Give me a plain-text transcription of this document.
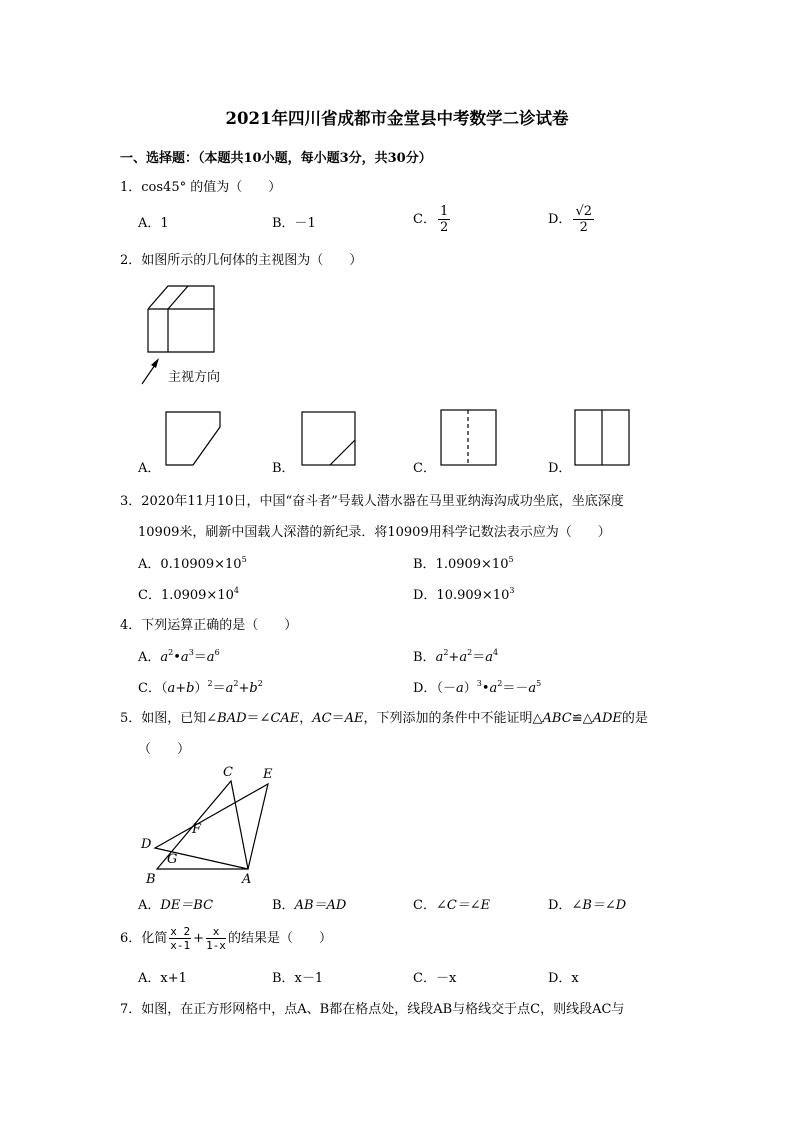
2021年四川省成都市金堂县中考数学二诊试卷
一、选择题：（本题共10小题，每小题3分，共30分）
1．cos45° 的值为（　　）
A．1	B．－1	C． $\frac{1}{2}$	D． $\frac{√2}{2}$
2．如图所示的几何体的主视图为（　　）
主视方向
A．	B．	C．	D．
3．2020年11月10日，中国“奋斗者”号载人潜水器在马里亚纳海沟成功坐底，坐底深度
10909米，刷新中国载人深潜的新纪录．将10909用科学记数法表示应为（　　）
A．$0.10909\times 10^5$	B．$1.0909\times 10^5$
C．$1.0909\times 10^4$	D．$10.909\times 10^3$
4．下列运算正确的是（　　）
A．$a^2•a^3=a^6$	B．$a^2+a^2=a^4$
C．$(a+b)^2=a^2+b^2$	D．$(-a)^3•a^2=-a^5$
5．如图，已知∠BAD＝∠CAE，AC＝AE，下列添加的条件中不能证明△ABC≌△ADE的是
（　　）
C E
F
D
G
B	A
A．DE＝BC	B．AB＝AD	C．∠C＝∠E	D．∠B＝∠D
6．化简 $\frac{x 2}{x-1} + \frac{x}{1-x}$ 的结果是（　　）
A．x+1	B．x－1	C．－x	D．x
7．如图，在正方形网格中，点A、B都在格点处，线段AB与格线交于点C，则线段AC与
